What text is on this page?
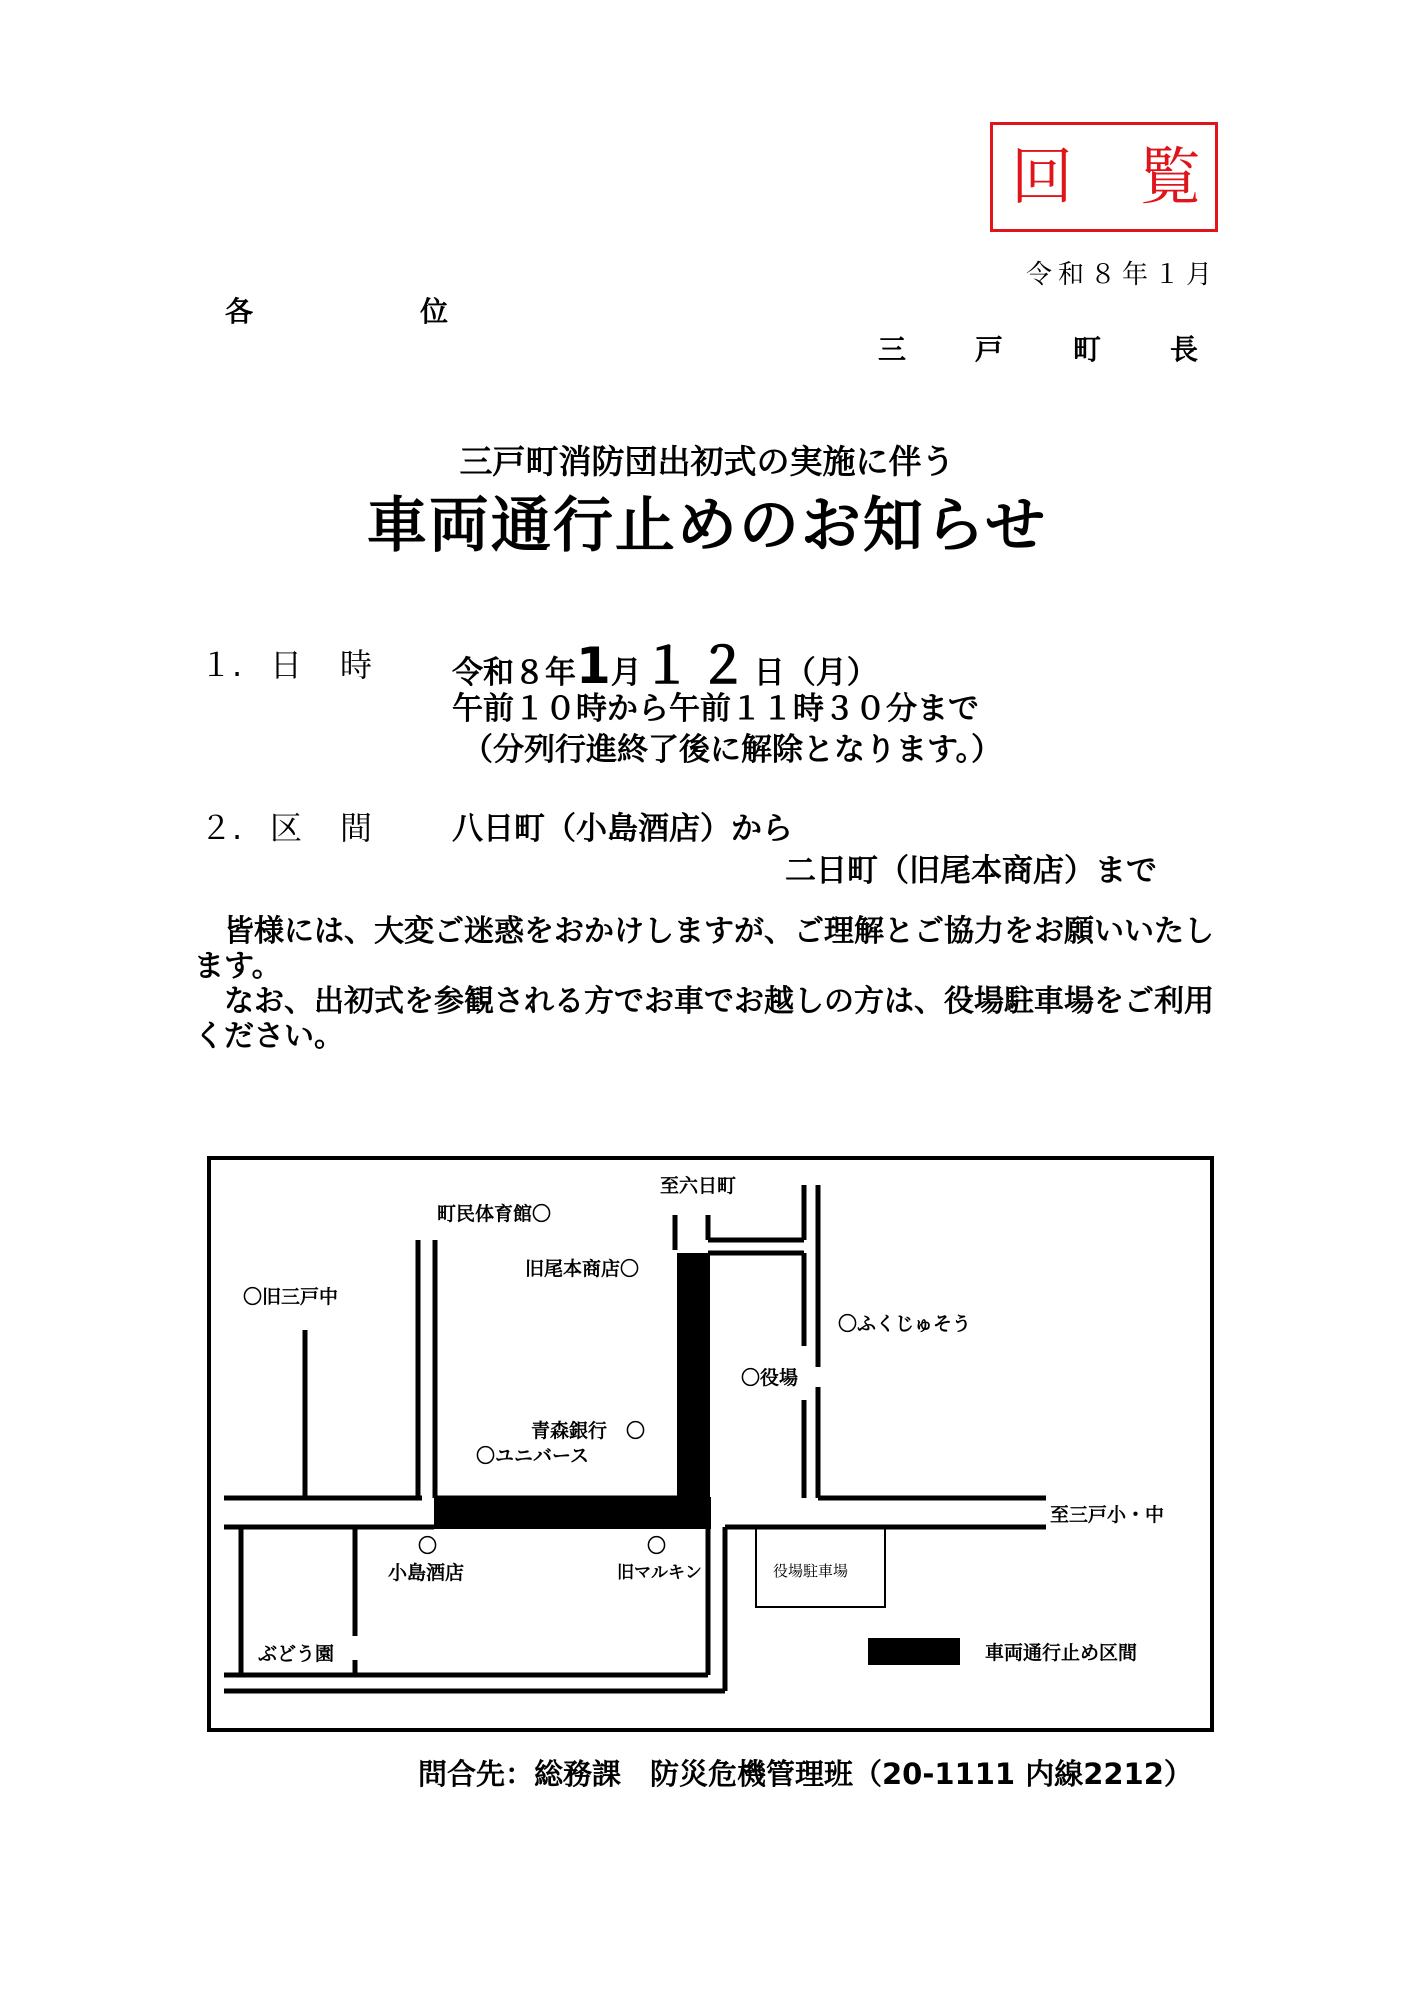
回 覧
令和８年１月
各	位
三 戸 町 長
三戸町消防団出初式の実施に伴う
車両通行止めのお知らせ
１. 日 時	令和８年1月１２日（月）
午前１０時から午前１１時３０分まで
（分列行進終了後に解除となります。）
２. 区 間	八日町（小島酒店）から
二日町（旧尾本商店）まで
　皆様には、大変ご迷惑をおかけしますが、ご理解とご協力をお願いいたします。
　なお、出初式を参観される方でお車でお越しの方は、役場駐車場をご利用ください。
車両通行止め区間
町民体育館〇
至六日町
旧尾本商店〇
〇旧三戸中
〇ふくじゅそう
〇役場
青森銀行　〇
〇ユニバース
至三戸小・中
〇
小島酒店
〇
旧マルキン	役場駐車場
ぶどう園
問合先：総務課　防災危機管理班（20-1111 内線2212）
